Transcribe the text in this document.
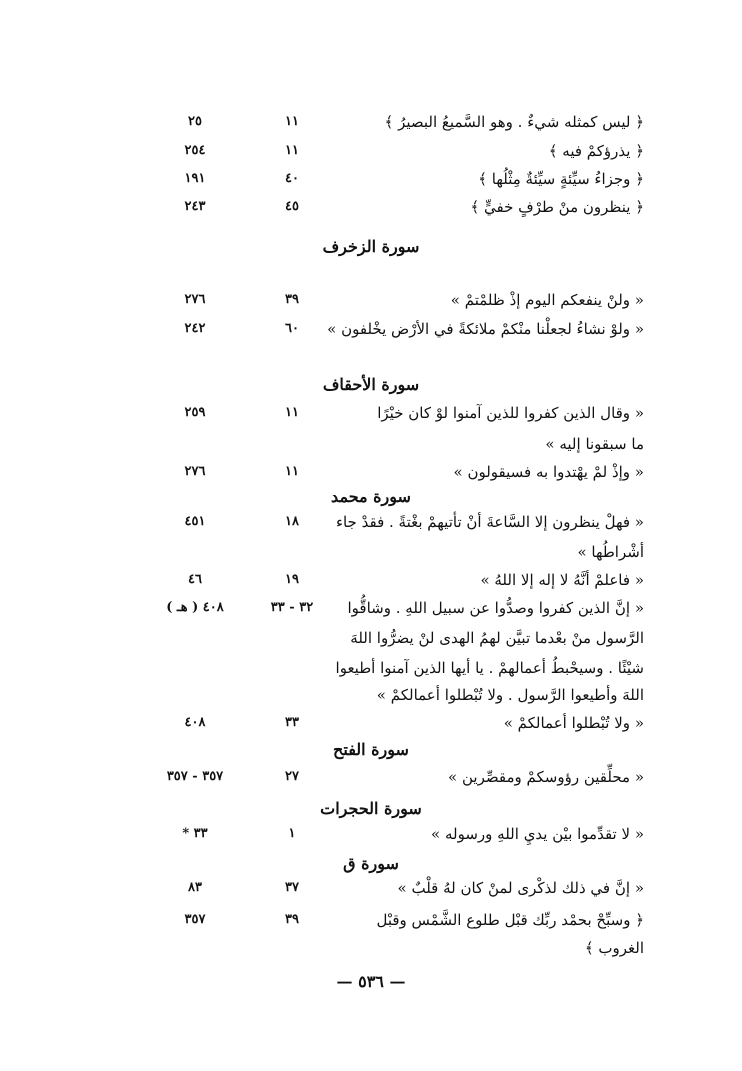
﴿ ليس كمثله شيءٌ . وهو السَّميعُ البصيرُ ﴾
١١
٢٥
﴿ يذرؤكمْ فيه ﴾
١١
٢٥٤
﴿ وجزاءُ سيِّئةٍ سيِّئةٌ مِثْلُها ﴾
٤٠
١٩١
﴿ ينظرون منْ طرْفٍ خفيٍّ ﴾
٤٥
٢٤٣
سورة الزخرف
« ولنْ ينفعكم اليوم إذْ ظلمْتمْ »
٣٩
٢٧٦
« ولوْ نشاءُ لجعلْنا منْكمْ ملائكةً في الأرْض يخْلفون »
٦٠
٢٤٢
سورة الأحقاف
« وقال الذين كفروا للذين آمنوا لوْ كان خيْرًا
١١
٢٥٩
ما سبقونا إليه »
« وإذْ لمْ يهْتدوا به فسيقولون »
١١
٢٧٦
سورة محمد
« فهلْ ينظرون إلا السَّاعةَ أنْ تأتيهمْ بغْتةً . فقدْ جاء
١٨
٤٥١
أشْراطُها »
« فاعلمْ أنَّهُ لا إله إلا اللهُ »
١٩
٤٦
« إنَّ الذين كفروا وصدُّوا عن سبيل اللهِ . وشاقُّوا
٣٢ - ٣٣
٤٠٨ ( هـ )
الرَّسول منْ بعْدما تبيَّن لهمُ الهدى لنْ يضرُّوا اللهَ
شيْئًا . وسيحْبطُ أعمالهمْ . يا أيها الذين آمنوا أطيعوا
اللهَ وأطيعوا الرَّسول . ولا تُبْطلوا أعمالكمْ »
« ولا تُبْطلوا أعمالكمْ »
٣٣
٤٠٨
سورة الفتح
« محلِّقين رؤوسكمْ ومقصِّرين »
٢٧
٣٥٧ - ٣٥٧
سورة الحجرات
« لا تقدِّموا بيْن يديِ اللهِ ورسوله »
١
٣٣ *
سورة ق
« إنَّ في ذلك لذكْرى لمنْ كان لهُ قلْبٌ »
٣٧
٨٣
﴿ وسبِّحْ بحمْد ربِّك قبْل طلوع الشَّمْس وقبْل
٣٩
٣٥٧
الغروب ﴾
— ٥٣٦ —
